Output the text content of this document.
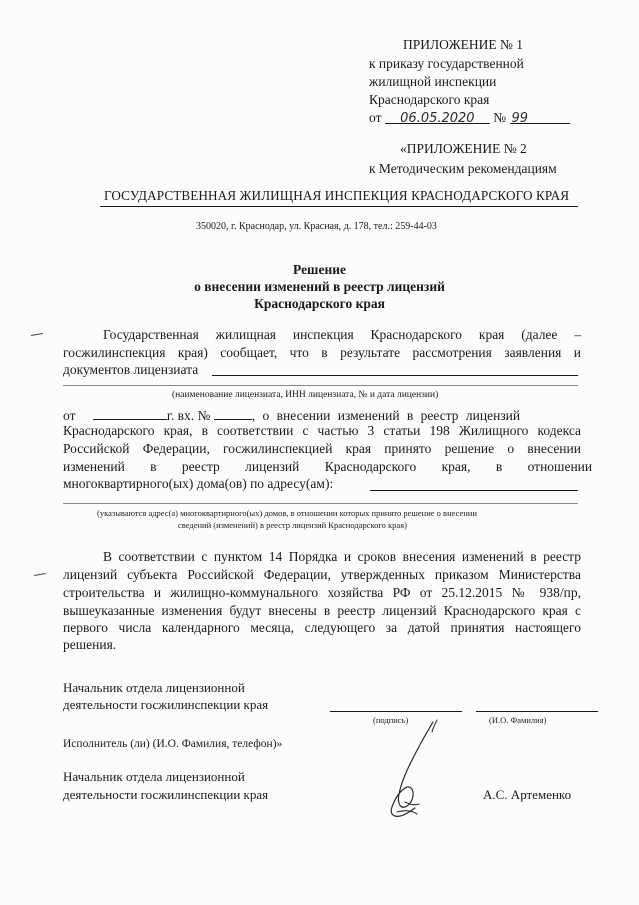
ПРИЛОЖЕНИЕ № 1
к приказу государственной
жилищной инспекции
Краснодарского края
от 06.05.2020 № 99
«ПРИЛОЖЕНИЕ № 2
к Методическим рекомендациям
ГОСУДАРСТВЕННАЯ ЖИЛИЩНАЯ ИНСПЕКЦИЯ КРАСНОДАРСКОГО КРАЯ
350020, г. Краснодар, ул. Красная, д. 178, тел.: 259-44-03
Решение
о внесении изменений в реестр лицензий
Краснодарского края
Государственная жилищная инспекция Краснодарского края (далее –
госжилинспекция края) сообщает, что в результате рассмотрения заявления и
документов лицензиата
(наименование лицензиата, ИНН лицензиата, № и дата лицензии)
от	г. вх. №	, о внесении изменений в реестр лицензий
Краснодарского края, в соответствии с частью 3 статьи 198 Жилищного кодекса
Российской Федерации, госжилинспекцией края принято решение о внесении
изменений в реестр лицензий Краснодарского края, в отношении
многоквартирного(ых) дома(ов) по адресу(ам):
(указываются адрес(а) многоквартирного(ых) домов, в отношении которых принято решение о внесении
сведений (изменений) в реестр лицензий Краснодарского края)
В соответствии с пунктом 14 Порядка и сроков внесения изменений в реестр
лицензий субъекта Российской Федерации, утвержденных приказом Министерства
строительства и жилищно-коммунального хозяйства РФ от 25.12.2015 № 938/пр,
вышеуказанные изменения будут внесены в реестр лицензий Краснодарского края с
первого числа календарного месяца, следующего за датой принятия настоящего
решения.
Начальник отдела лицензионной
деятельности госжилинспекции края
(подпись)	(И.О. Фамилия)
Исполнитель (ли) (И.О. Фамилия, телефон)»
Начальник отдела лицензионной
деятельности госжилинспекции края	А.С. Артеменко
